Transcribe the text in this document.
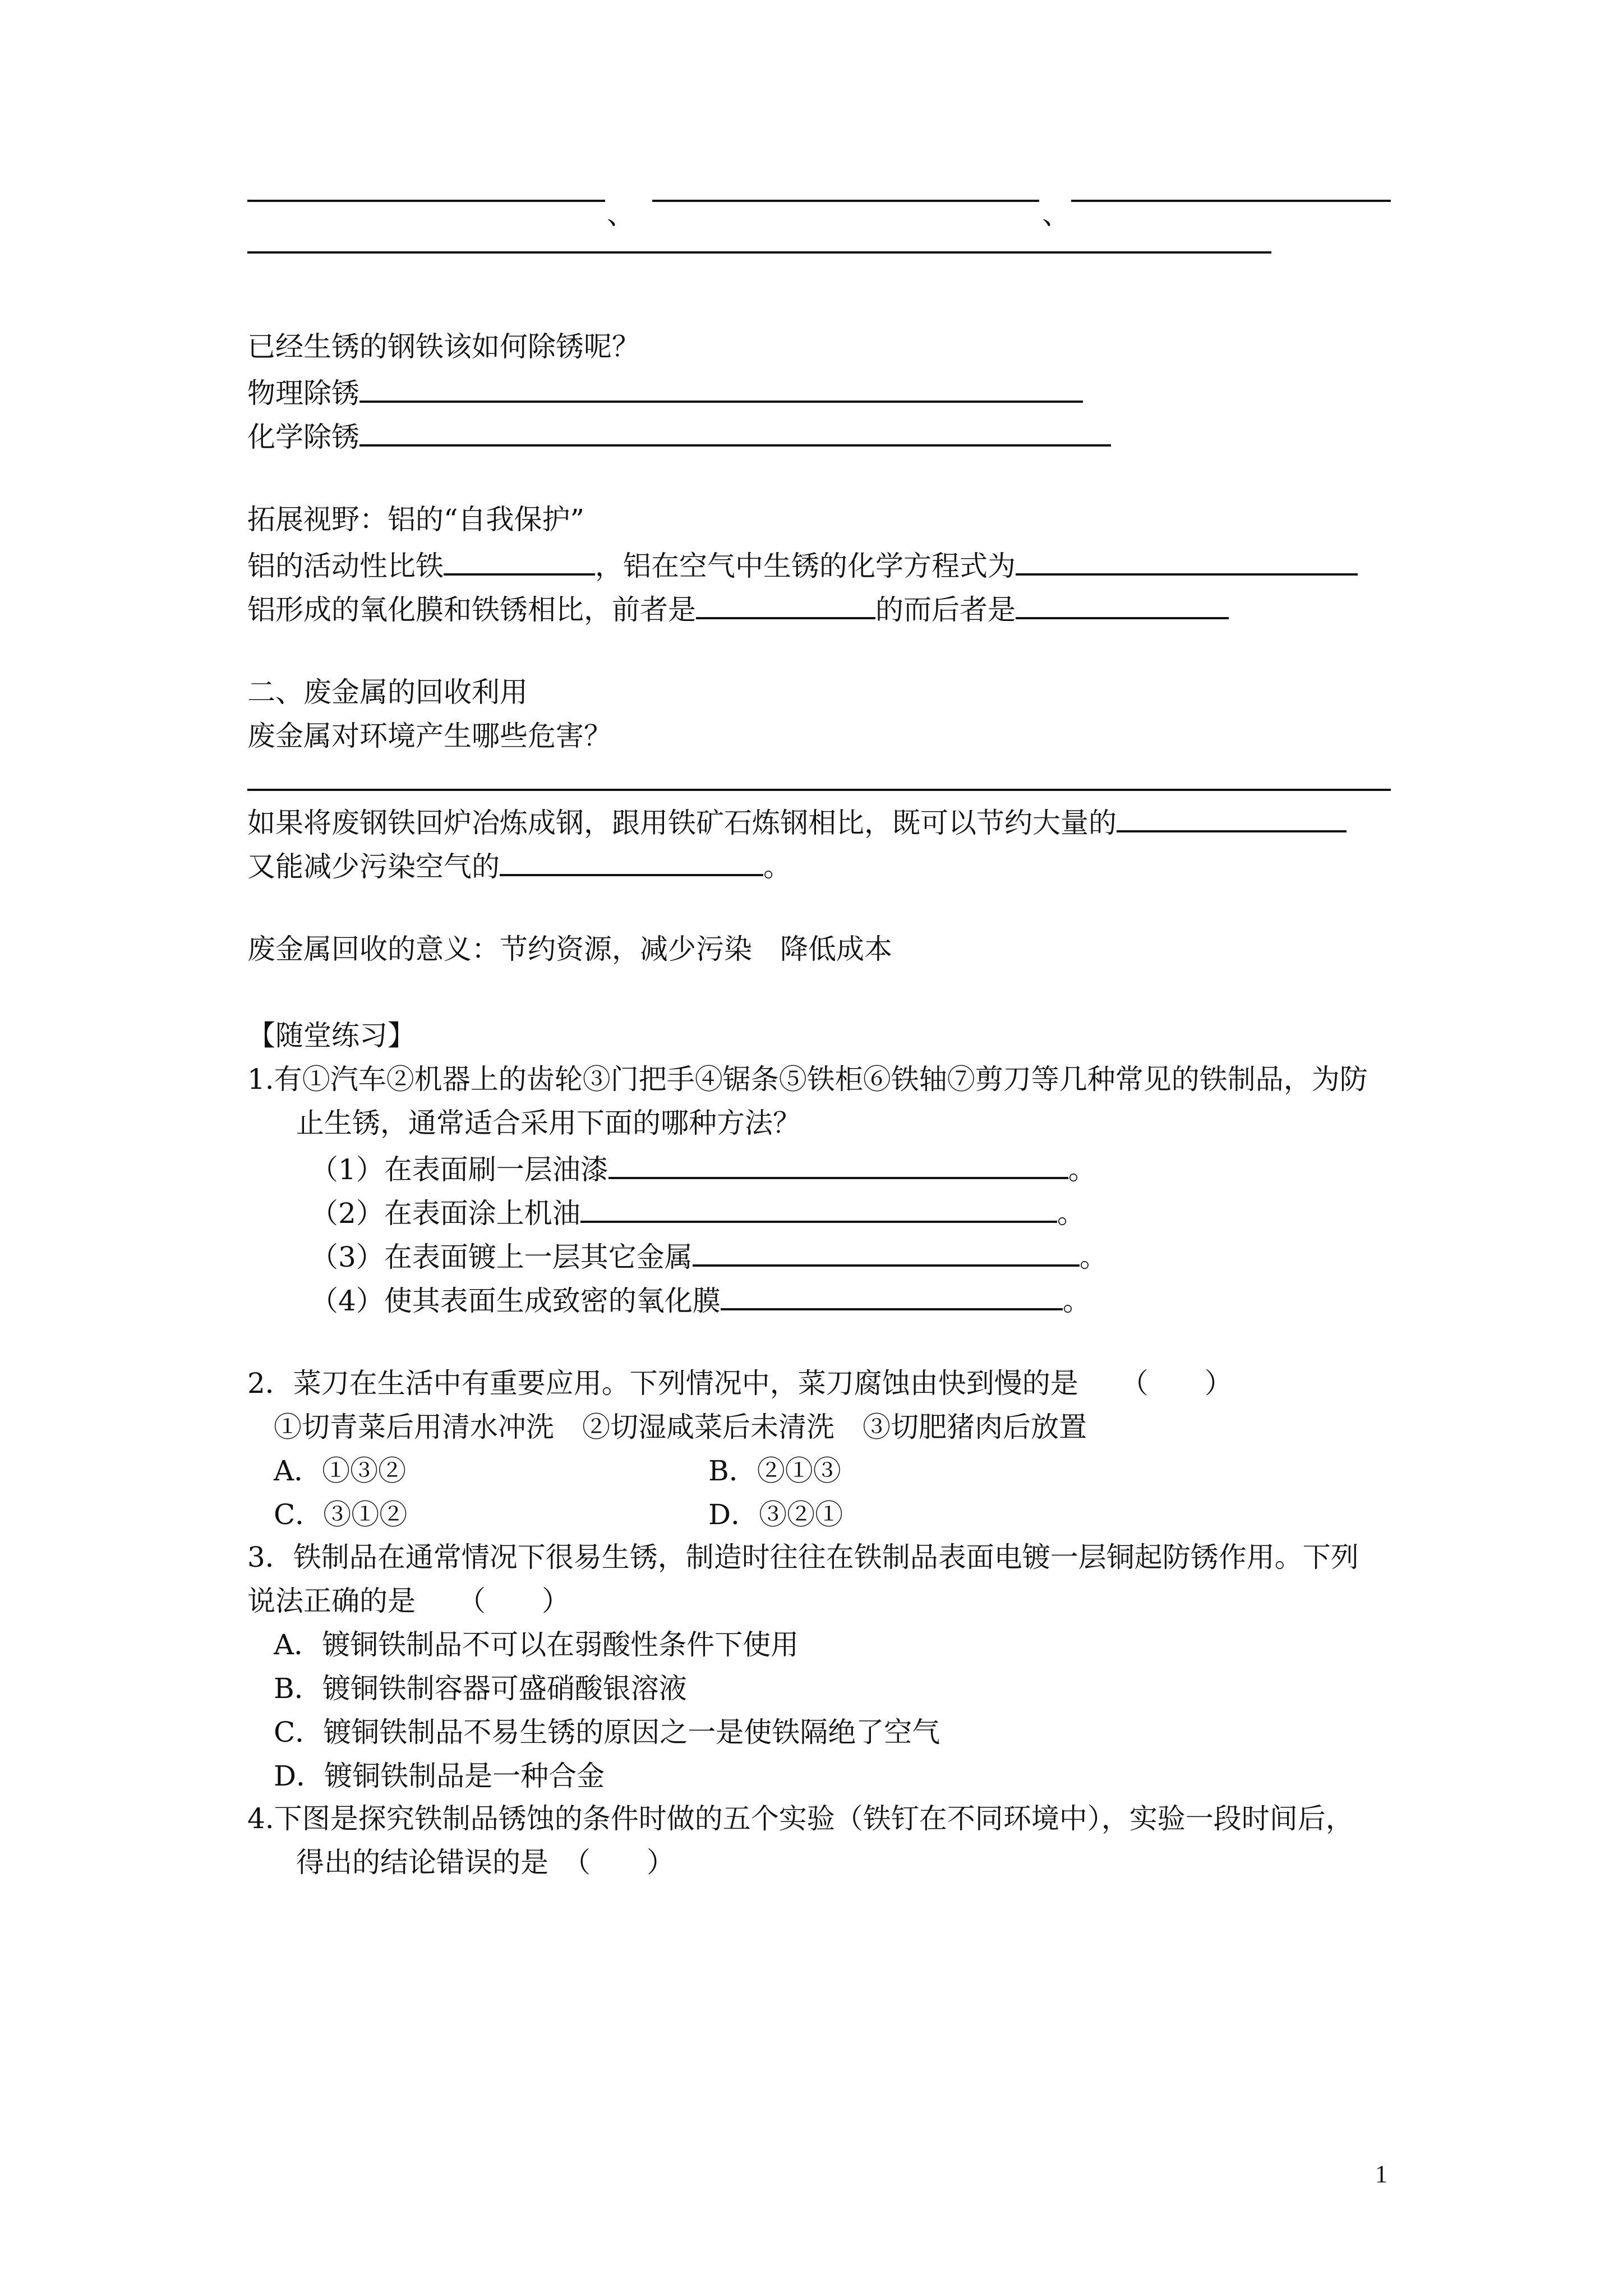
、	、
已经生锈的钢铁该如何除锈呢？
物理除锈
化学除锈
拓展视野：铝的“自我保护”
铝的活动性比铁	，铝在空气中生锈的化学方程式为
铝形成的氧化膜和铁锈相比，前者是	的而后者是
二、废金属的回收利用
废金属对环境产生哪些危害？
如果将废钢铁回炉冶炼成钢，跟用铁矿石炼钢相比，既可以节约大量的
又能减少污染空气的	。
废金属回收的意义：节约资源，减少污染　降低成本
【随堂练习】
1.有①汽车②机器上的齿轮③门把手④锯条⑤铁柜⑥铁轴⑦剪刀等几种常见的铁制品，为防
止生锈，通常适合采用下面的哪种方法？
（1）在表面刷一层油漆	。
（2）在表面涂上机油	。
（3）在表面镀上一层其它金属	。
（4）使其表面生成致密的氧化膜	。
2．菜刀在生活中有重要应用。下列情况中，菜刀腐蚀由快到慢的是　　（　　）
①切青菜后用清水冲洗　②切湿咸菜后未清洗　③切肥猪肉后放置
A．①③②	B．②①③
C．③①②	D．③②①
3．铁制品在通常情况下很易生锈，制造时往往在铁制品表面电镀一层铜起防锈作用。下列
说法正确的是　　（　　）
A．镀铜铁制品不可以在弱酸性条件下使用
B．镀铜铁制容器可盛硝酸银溶液
C．镀铜铁制品不易生锈的原因之一是使铁隔绝了空气
D．镀铜铁制品是一种合金
4.下图是探究铁制品锈蚀的条件时做的五个实验（铁钉在不同环境中），实验一段时间后，
得出的结论错误的是　（　　）
1
